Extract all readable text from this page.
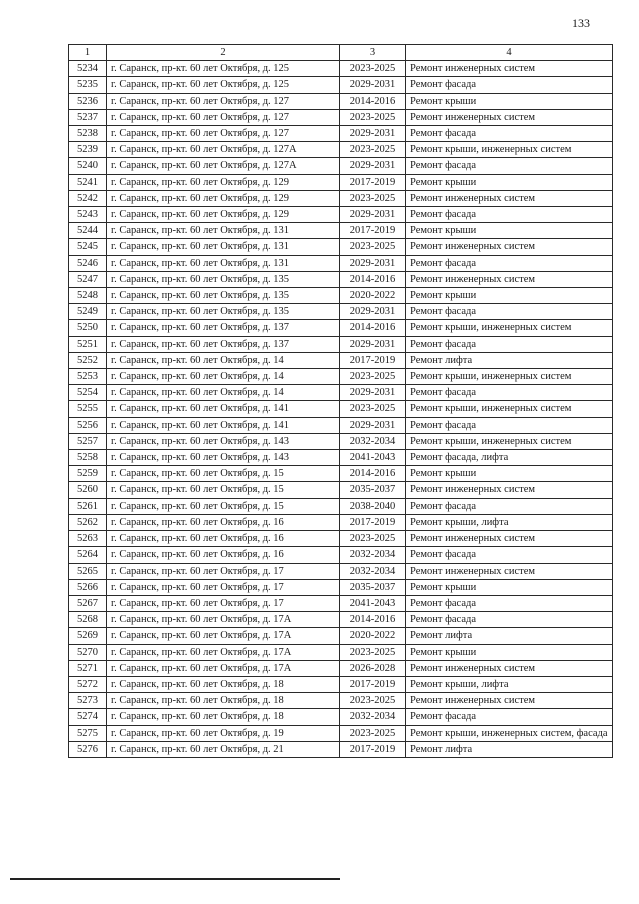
133
1	2	3	4
5234	г. Саранск, пр-кт. 60 лет Октября, д. 125	2023-2025	Ремонт инженерных систем
5235	г. Саранск, пр-кт. 60 лет Октября, д. 125	2029-2031	Ремонт фасада
5236	г. Саранск, пр-кт. 60 лет Октября, д. 127	2014-2016	Ремонт крыши
5237	г. Саранск, пр-кт. 60 лет Октября, д. 127	2023-2025	Ремонт инженерных систем
5238	г. Саранск, пр-кт. 60 лет Октября, д. 127	2029-2031	Ремонт фасада
5239	г. Саранск, пр-кт. 60 лет Октября, д. 127А	2023-2025	Ремонт крыши, инженерных систем
5240	г. Саранск, пр-кт. 60 лет Октября, д. 127А	2029-2031	Ремонт фасада
5241	г. Саранск, пр-кт. 60 лет Октября, д. 129	2017-2019	Ремонт крыши
5242	г. Саранск, пр-кт. 60 лет Октября, д. 129	2023-2025	Ремонт инженерных систем
5243	г. Саранск, пр-кт. 60 лет Октября, д. 129	2029-2031	Ремонт фасада
5244	г. Саранск, пр-кт. 60 лет Октября, д. 131	2017-2019	Ремонт крыши
5245	г. Саранск, пр-кт. 60 лет Октября, д. 131	2023-2025	Ремонт инженерных систем
5246	г. Саранск, пр-кт. 60 лет Октября, д. 131	2029-2031	Ремонт фасада
5247	г. Саранск, пр-кт. 60 лет Октября, д. 135	2014-2016	Ремонт инженерных систем
5248	г. Саранск, пр-кт. 60 лет Октября, д. 135	2020-2022	Ремонт крыши
5249	г. Саранск, пр-кт. 60 лет Октября, д. 135	2029-2031	Ремонт фасада
5250	г. Саранск, пр-кт. 60 лет Октября, д. 137	2014-2016	Ремонт крыши, инженерных систем
5251	г. Саранск, пр-кт. 60 лет Октября, д. 137	2029-2031	Ремонт фасада
5252	г. Саранск, пр-кт. 60 лет Октября, д. 14	2017-2019	Ремонт лифта
5253	г. Саранск, пр-кт. 60 лет Октября, д. 14	2023-2025	Ремонт крыши, инженерных систем
5254	г. Саранск, пр-кт. 60 лет Октября, д. 14	2029-2031	Ремонт фасада
5255	г. Саранск, пр-кт. 60 лет Октября, д. 141	2023-2025	Ремонт крыши, инженерных систем
5256	г. Саранск, пр-кт. 60 лет Октября, д. 141	2029-2031	Ремонт фасада
5257	г. Саранск, пр-кт. 60 лет Октября, д. 143	2032-2034	Ремонт крыши, инженерных систем
5258	г. Саранск, пр-кт. 60 лет Октября, д. 143	2041-2043	Ремонт фасада, лифта
5259	г. Саранск, пр-кт. 60 лет Октября, д. 15	2014-2016	Ремонт крыши
5260	г. Саранск, пр-кт. 60 лет Октября, д. 15	2035-2037	Ремонт инженерных систем
5261	г. Саранск, пр-кт. 60 лет Октября, д. 15	2038-2040	Ремонт фасада
5262	г. Саранск, пр-кт. 60 лет Октября, д. 16	2017-2019	Ремонт крыши, лифта
5263	г. Саранск, пр-кт. 60 лет Октября, д. 16	2023-2025	Ремонт инженерных систем
5264	г. Саранск, пр-кт. 60 лет Октября, д. 16	2032-2034	Ремонт фасада
5265	г. Саранск, пр-кт. 60 лет Октября, д. 17	2032-2034	Ремонт инженерных систем
5266	г. Саранск, пр-кт. 60 лет Октября, д. 17	2035-2037	Ремонт крыши
5267	г. Саранск, пр-кт. 60 лет Октября, д. 17	2041-2043	Ремонт фасада
5268	г. Саранск, пр-кт. 60 лет Октября, д. 17А	2014-2016	Ремонт фасада
5269	г. Саранск, пр-кт. 60 лет Октября, д. 17А	2020-2022	Ремонт лифта
5270	г. Саранск, пр-кт. 60 лет Октября, д. 17А	2023-2025	Ремонт крыши
5271	г. Саранск, пр-кт. 60 лет Октября, д. 17А	2026-2028	Ремонт инженерных систем
5272	г. Саранск, пр-кт. 60 лет Октября, д. 18	2017-2019	Ремонт крыши, лифта
5273	г. Саранск, пр-кт. 60 лет Октября, д. 18	2023-2025	Ремонт инженерных систем
5274	г. Саранск, пр-кт. 60 лет Октября, д. 18	2032-2034	Ремонт фасада
5275	г. Саранск, пр-кт. 60 лет Октября, д. 19	2023-2025	Ремонт крыши, инженерных систем, фасада
5276	г. Саранск, пр-кт. 60 лет Октября, д. 21	2017-2019	Ремонт лифта
